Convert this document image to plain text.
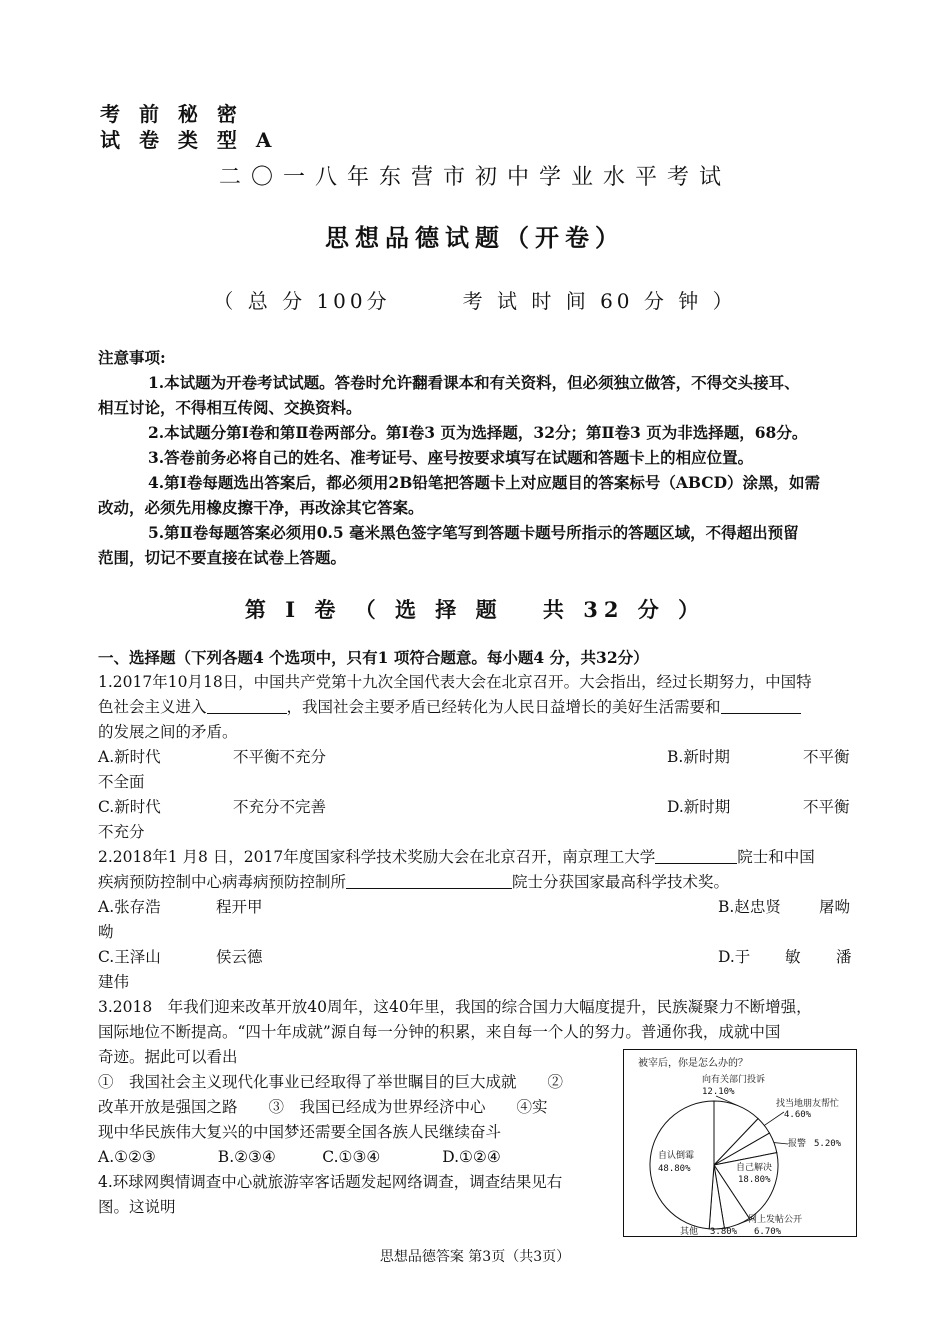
考 前 秘 密
试 卷 类 型 A
二〇一八年东营市初中学业水平考试
思想品德试题（开卷）
（ 总 分 100分　　　考 试 时 间 60 分 钟 ）
注意事项:
1.本试题为开卷考试试题。答卷时允许翻看课本和有关资料，但必须独立做答，不得交头接耳、
相互讨论，不得相互传阅、交换资料。
2.本试题分第Ⅰ卷和第Ⅱ卷两部分。第Ⅰ卷3 页为选择题，32分；第Ⅱ卷3 页为非选择题，68分。
3.答卷前务必将自己的姓名、准考证号、座号按要求填写在试题和答题卡上的相应位置。
4.第Ⅰ卷每题选出答案后，都必须用2B铅笔把答题卡上对应题目的答案标号（ABCD）涂黑，如需
改动，必须先用橡皮擦干净，再改涂其它答案。
5.第Ⅱ卷每题答案必须用0.5 毫米黑色签字笔写到答题卡题号所指示的答题区域，不得超出预留
范围，切记不要直接在试卷上答题。
第 Ⅰ 卷 （ 选 择 题　 共 32 分 ）
一、选择题（下列各题4 个选项中，只有1 项符合题意。每小题4 分，共32分）
1.2017年10月18日，中国共产党第十九次全国代表大会在北京召开。大会指出，经过长期努力，中国特
色社会主义进入	，我国社会主要矛盾已经转化为人民日益增长的美好生活需要和
的发展之间的矛盾。
A.新时代	不平衡不充分	B.新时期	不平衡
不全面
C.新时代	不充分不完善	D.新时期	不平衡
不充分
2.2018年1 月8 日，2017年度国家科学技术奖励大会在北京召开，南京理工大学	院士和中国
疾病预防控制中心病毒病预防控制所	院士分获国家最高科学技术奖。
A.张存浩	程开甲	B.赵忠贤 屠呦
呦
C.王泽山	侯云德	D.于 敏 潘
建伟
3.2018　年我们迎来改革开放40周年，这40年里，我国的综合国力大幅度提升，民族凝聚力不断增强，
国际地位不断提高。“四十年成就”源自每一分钟的积累，来自每一个人的努力。普通你我，成就中国
奇迹。据此可以看出
①　我国社会主义现代化事业已经取得了举世瞩目的巨大成就　　②
改革开放是强国之路　　③　我国已经成为世界经济中心　　④实
现中华民族伟大复兴的中国梦还需要全国各族人民继续奋斗
A.①②③　　　　B.②③④　　　C.①③④　　　　D.①②④
4.环球网舆情调查中心就旅游宰客话题发起网络调查，调查结果见右
图。这说明
被宰后，你是怎么办的？
向有关部门投诉
12.10%
找当地朋友帮忙
4.60%
报警 5.20%
自己解决
18.80%
网上发帖公开
6.70%
其他 3.80%
自认倒霉
48.80%
思想品德答案 第3页（共3页）
